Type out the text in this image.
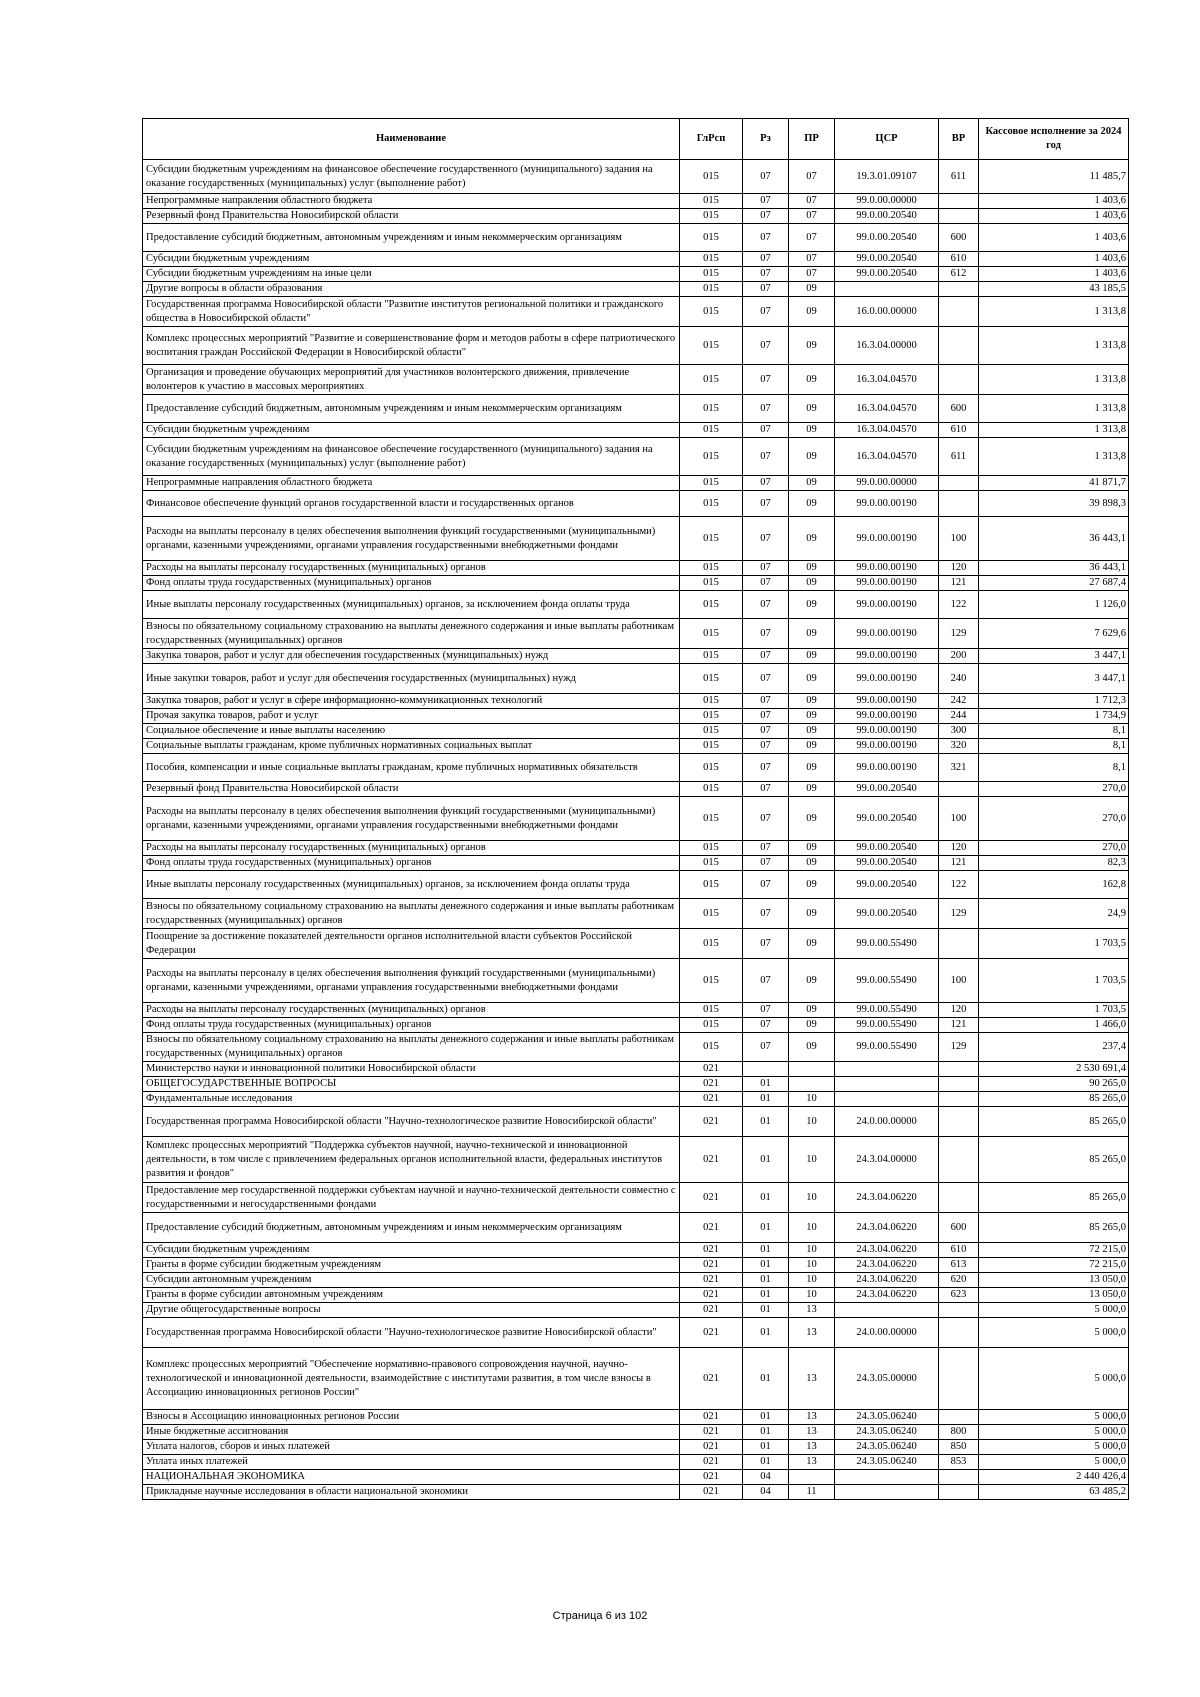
Наименование	ГлРсп	Рз	ПР	ЦСР	ВР	Кассовое исполнение за 2024 год
Субсидии бюджетным учреждениям на финансовое обеспечение государственного (муниципального) задания на оказание государственных (муниципальных) услуг (выполнение работ)	015	07	07	19.3.01.09107	611	11 485,7
Непрограммные направления областного бюджета	015	07	07	99.0.00.00000		1 403,6
Резервный фонд Правительства Новосибирской области	015	07	07	99.0.00.20540		1 403,6
Предоставление субсидий бюджетным, автономным учреждениям и иным некоммерческим организациям	015	07	07	99.0.00.20540	600	1 403,6
Субсидии бюджетным учреждениям	015	07	07	99.0.00.20540	610	1 403,6
Субсидии бюджетным учреждениям на иные цели	015	07	07	99.0.00.20540	612	1 403,6
Другие вопросы в области образования	015	07	09			43 185,5
Государственная программа Новосибирской области "Развитие институтов региональной политики и гражданского общества в Новосибирской области"	015	07	09	16.0.00.00000		1 313,8
Комплекс процессных мероприятий "Развитие и совершенствование форм и методов работы в сфере патриотического воспитания граждан Российской Федерации в Новосибирской области"	015	07	09	16.3.04.00000		1 313,8
Организация и проведение обучающих мероприятий для участников волонтерского движения, привлечение волонтеров к участию в массовых мероприятиях	015	07	09	16.3.04.04570		1 313,8
Предоставление субсидий бюджетным, автономным учреждениям и иным некоммерческим организациям	015	07	09	16.3.04.04570	600	1 313,8
Субсидии бюджетным учреждениям	015	07	09	16.3.04.04570	610	1 313,8
Субсидии бюджетным учреждениям на финансовое обеспечение государственного (муниципального) задания на оказание государственных (муниципальных) услуг (выполнение работ)	015	07	09	16.3.04.04570	611	1 313,8
Непрограммные направления областного бюджета	015	07	09	99.0.00.00000		41 871,7
Финансовое обеспечение функций органов государственной власти и государственных органов	015	07	09	99.0.00.00190		39 898,3
Расходы на выплаты персоналу в целях обеспечения выполнения функций государственными (муниципальными) органами, казенными учреждениями, органами управления государственными внебюджетными фондами	015	07	09	99.0.00.00190	100	36 443,1
Расходы на выплаты персоналу государственных (муниципальных) органов	015	07	09	99.0.00.00190	120	36 443,1
Фонд оплаты труда государственных (муниципальных) органов	015	07	09	99.0.00.00190	121	27 687,4
Иные выплаты персоналу государственных (муниципальных) органов, за исключением фонда оплаты труда	015	07	09	99.0.00.00190	122	1 126,0
Взносы по обязательному социальному страхованию на выплаты денежного содержания и иные выплаты работникам государственных (муниципальных) органов	015	07	09	99.0.00.00190	129	7 629,6
Закупка товаров, работ и услуг для обеспечения государственных (муниципальных) нужд	015	07	09	99.0.00.00190	200	3 447,1
Иные закупки товаров, работ и услуг для обеспечения государственных (муниципальных) нужд	015	07	09	99.0.00.00190	240	3 447,1
Закупка товаров, работ и услуг в сфере информационно-коммуникационных технологий	015	07	09	99.0.00.00190	242	1 712,3
Прочая закупка товаров, работ и услуг	015	07	09	99.0.00.00190	244	1 734,9
Социальное обеспечение и иные выплаты населению	015	07	09	99.0.00.00190	300	8,1
Социальные выплаты гражданам, кроме публичных нормативных социальных выплат	015	07	09	99.0.00.00190	320	8,1
Пособия, компенсации и иные социальные выплаты гражданам, кроме публичных нормативных обязательств	015	07	09	99.0.00.00190	321	8,1
Резервный фонд Правительства Новосибирской области	015	07	09	99.0.00.20540		270,0
Расходы на выплаты персоналу в целях обеспечения выполнения функций государственными (муниципальными) органами, казенными учреждениями, органами управления государственными внебюджетными фондами	015	07	09	99.0.00.20540	100	270,0
Расходы на выплаты персоналу государственных (муниципальных) органов	015	07	09	99.0.00.20540	120	270,0
Фонд оплаты труда государственных (муниципальных) органов	015	07	09	99.0.00.20540	121	82,3
Иные выплаты персоналу государственных (муниципальных) органов, за исключением фонда оплаты труда	015	07	09	99.0.00.20540	122	162,8
Взносы по обязательному социальному страхованию на выплаты денежного содержания и иные выплаты работникам государственных (муниципальных) органов	015	07	09	99.0.00.20540	129	24,9
Поощрение за достижение показателей деятельности органов исполнительной власти субъектов Российской Федерации	015	07	09	99.0.00.55490		1 703,5
Расходы на выплаты персоналу в целях обеспечения выполнения функций государственными (муниципальными) органами, казенными учреждениями, органами управления государственными внебюджетными фондами	015	07	09	99.0.00.55490	100	1 703,5
Расходы на выплаты персоналу государственных (муниципальных) органов	015	07	09	99.0.00.55490	120	1 703,5
Фонд оплаты труда государственных (муниципальных) органов	015	07	09	99.0.00.55490	121	1 466,0
Взносы по обязательному социальному страхованию на выплаты денежного содержания и иные выплаты работникам государственных (муниципальных) органов	015	07	09	99.0.00.55490	129	237,4
Министерство науки и инновационной политики Новосибирской области	021					2 530 691,4
ОБЩЕГОСУДАРСТВЕННЫЕ ВОПРОСЫ	021	01				90 265,0
Фундаментальные исследования	021	01	10			85 265,0
Государственная программа Новосибирской области "Научно-технологическое развитие Новосибирской области"	021	01	10	24.0.00.00000		85 265,0
Комплекс процессных мероприятий "Поддержка субъектов научной, научно-технической и инновационной деятельности, в том числе с привлечением федеральных органов исполнительной власти, федеральных институтов развития и фондов"	021	01	10	24.3.04.00000		85 265,0
Предоставление мер государственной поддержки субъектам научной и научно-технической деятельности совместно с государственными и негосударственными фондами	021	01	10	24.3.04.06220		85 265,0
Предоставление субсидий бюджетным, автономным учреждениям и иным некоммерческим организациям	021	01	10	24.3.04.06220	600	85 265,0
Субсидии бюджетным учреждениям	021	01	10	24.3.04.06220	610	72 215,0
Гранты в форме субсидии бюджетным учреждениям	021	01	10	24.3.04.06220	613	72 215,0
Субсидии автономным учреждениям	021	01	10	24.3.04.06220	620	13 050,0
Гранты в форме субсидии автономным учреждениям	021	01	10	24.3.04.06220	623	13 050,0
Другие общегосударственные вопросы	021	01	13			5 000,0
Государственная программа Новосибирской области "Научно-технологическое развитие Новосибирской области"	021	01	13	24.0.00.00000		5 000,0
Комплекс процессных мероприятий "Обеспечение нормативно-правового сопровождения научной, научно-технологической и инновационной деятельности, взаимодействие с институтами развития, в том числе взносы в Ассоциацию инновационных регионов России"	021	01	13	24.3.05.00000		5 000,0
Взносы в Ассоциацию инновационных регионов России	021	01	13	24.3.05.06240		5 000,0
Иные бюджетные ассигнования	021	01	13	24.3.05.06240	800	5 000,0
Уплата налогов, сборов и иных платежей	021	01	13	24.3.05.06240	850	5 000,0
Уплата иных платежей	021	01	13	24.3.05.06240	853	5 000,0
НАЦИОНАЛЬНАЯ ЭКОНОМИКА	021	04				2 440 426,4
Прикладные научные исследования в области национальной экономики	021	04	11			63 485,2
Страница 6 из 102
